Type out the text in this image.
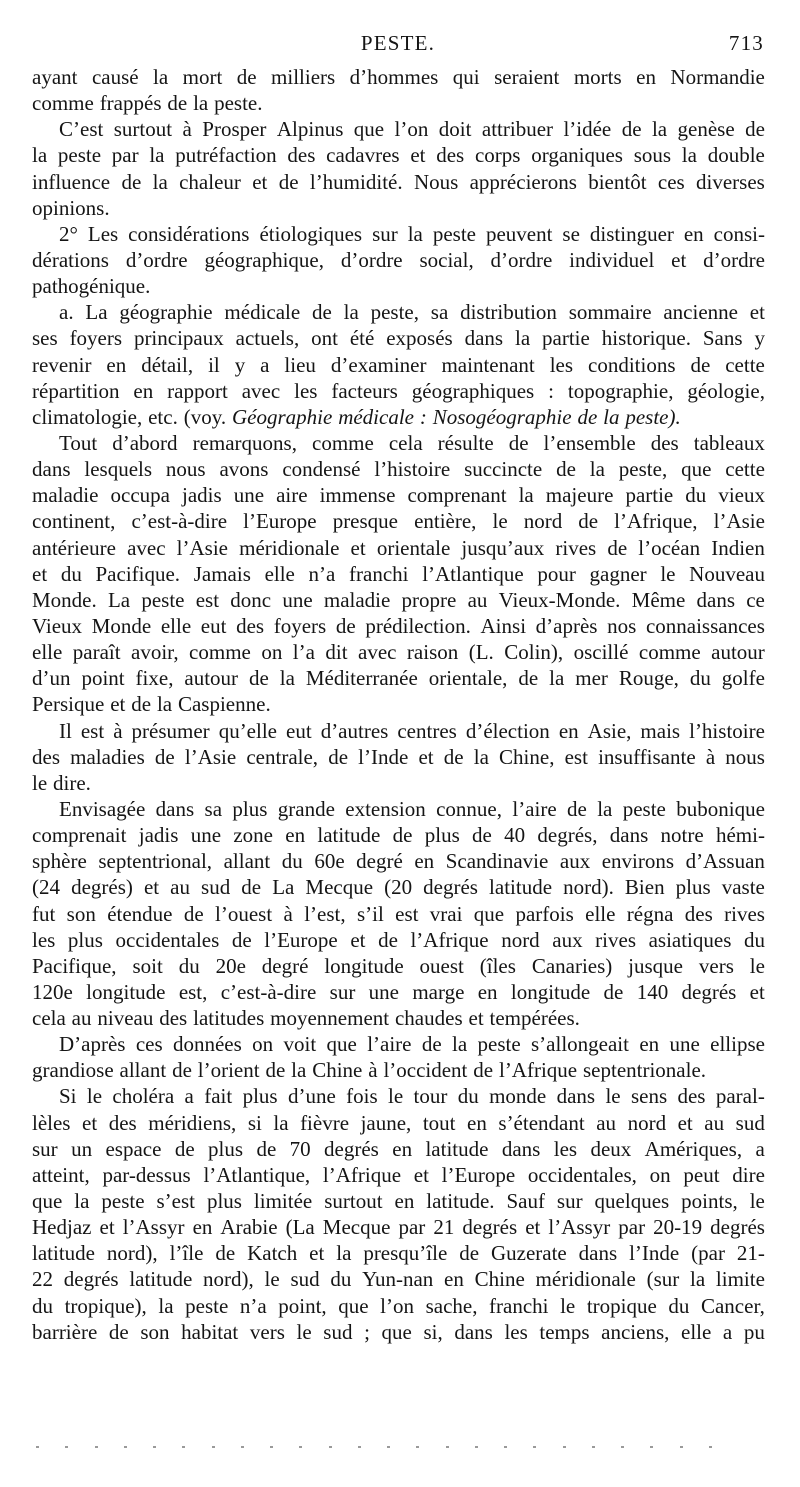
PESTE.	713
ayant causé la mort de milliers d’hommes qui seraient morts en Normandie
comme frappés de la peste.
C’est surtout à Prosper Alpinus que l’on doit attribuer l’idée de la genèse de
la peste par la putréfaction des cadavres et des corps organiques sous la double
influence de la chaleur et de l’humidité. Nous apprécierons bientôt ces diverses
opinions.
2° Les considérations étiologiques sur la peste peuvent se distinguer en consi-
dérations d’ordre géographique, d’ordre social, d’ordre individuel et d’ordre
pathogénique.
a. La géographie médicale de la peste, sa distribution sommaire ancienne et
ses foyers principaux actuels, ont été exposés dans la partie historique. Sans y
revenir en détail, il y a lieu d’examiner maintenant les conditions de cette
répartition en rapport avec les facteurs géographiques : topographie, géologie,
climatologie, etc. (voy. Géographie médicale : Nosogéographie de la peste).
Tout d’abord remarquons, comme cela résulte de l’ensemble des tableaux
dans lesquels nous avons condensé l’histoire succincte de la peste, que cette
maladie occupa jadis une aire immense comprenant la majeure partie du vieux
continent, c’est-à-dire l’Europe presque entière, le nord de l’Afrique, l’Asie
antérieure avec l’Asie méridionale et orientale jusqu’aux rives de l’océan Indien
et du Pacifique. Jamais elle n’a franchi l’Atlantique pour gagner le Nouveau
Monde. La peste est donc une maladie propre au Vieux-Monde. Même dans ce
Vieux Monde elle eut des foyers de prédilection. Ainsi d’après nos connaissances
elle paraît avoir, comme on l’a dit avec raison (L. Colin), oscillé comme autour
d’un point fixe, autour de la Méditerranée orientale, de la mer Rouge, du golfe
Persique et de la Caspienne.
Il est à présumer qu’elle eut d’autres centres d’élection en Asie, mais l’histoire
des maladies de l’Asie centrale, de l’Inde et de la Chine, est insuffisante à nous
le dire.
Envisagée dans sa plus grande extension connue, l’aire de la peste bubonique
comprenait jadis une zone en latitude de plus de 40 degrés, dans notre hémi-
sphère septentrional, allant du 60e degré en Scandinavie aux environs d’Assuan
(24 degrés) et au sud de La Mecque (20 degrés latitude nord). Bien plus vaste
fut son étendue de l’ouest à l’est, s’il est vrai que parfois elle régna des rives
les plus occidentales de l’Europe et de l’Afrique nord aux rives asiatiques du
Pacifique, soit du 20e degré longitude ouest (îles Canaries) jusque vers le
120e longitude est, c’est-à-dire sur une marge en longitude de 140 degrés et
cela au niveau des latitudes moyennement chaudes et tempérées.
D’après ces données on voit que l’aire de la peste s’allongeait en une ellipse
grandiose allant de l’orient de la Chine à l’occident de l’Afrique septentrionale.
Si le choléra a fait plus d’une fois le tour du monde dans le sens des paral-
lèles et des méridiens, si la fièvre jaune, tout en s’étendant au nord et au sud
sur un espace de plus de 70 degrés en latitude dans les deux Amériques, a
atteint, par-dessus l’Atlantique, l’Afrique et l’Europe occidentales, on peut dire
que la peste s’est plus limitée surtout en latitude. Sauf sur quelques points, le
Hedjaz et l’Assyr en Arabie (La Mecque par 21 degrés et l’Assyr par 20-19 degrés
latitude nord), l’île de Katch et la presqu’île de Guzerate dans l’Inde (par 21-
22 degrés latitude nord), le sud du Yun-nan en Chine méridionale (sur la limite
du tropique), la peste n’a point, que l’on sache, franchi le tropique du Cancer,
barrière de son habitat vers le sud ; que si, dans les temps anciens, elle a pu
